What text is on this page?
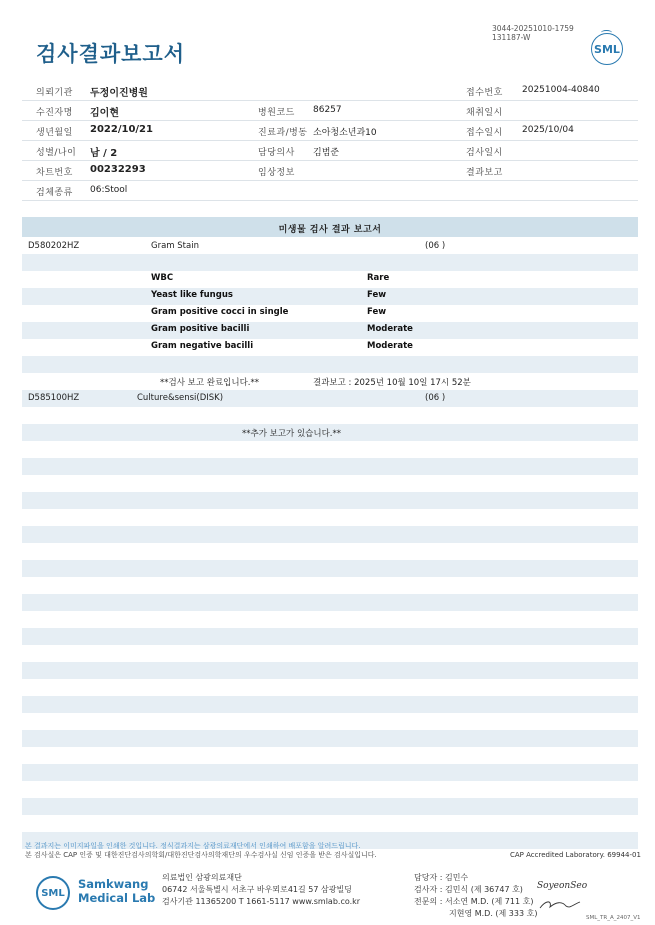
검사결과보고서
3044-20251010-1759
131187-W
SML
의뢰기관 두정이진병원	접수번호 20251004-40840
수진자명 김이현	병원코드 86257	채취일시
생년월일 2022/10/21	진료과/병동 소아청소년과10	접수일시 2025/10/04
성별/나이 남 / 2	담당의사 김범준	검사일시
차트번호 00232293	임상정보	결과보고
검체종류 06:Stool
미생물 검사 결과 보고서
D580202HZ	Gram Stain	(06 )
WBC	Rare
Yeast like fungus	Few
Gram positive cocci in single	Few
Gram positive bacilli	Moderate
Gram negative bacilli	Moderate
**검사 보고 완료입니다.**	결과보고 : 2025년 10월 10일 17시 52분
D585100HZ	Culture&sensi(DISK)	(06 )
**추가 보고가 있습니다.**
본 결과지는 이미지파일을 인쇄한 것입니다. 정식결과지는 삼광의료재단에서 인쇄하여 배포함을 알려드립니다.
본 검사실은 CAP 인증 및 대한진단검사의학회/대한진단검사의학재단의 우수검사실 신임 인증을 받은 검사실입니다.	CAP Accredited Laboratory. 69944-01
SML
Samkwang
Medical Lab
의료법인 삼광의료재단
06742 서울특별시 서초구 바우뫼로41길 57 삼광빌딩
검사기관 11365200 T 1661-5117 www.smlab.co.kr
담당자 : 김민수
검사자 : 김민식 (제 36747 호)
전문의 : 서소연 M.D. (제 711 호)
지현영 M.D. (제 333 호)
SoyeonSeo
SML_TR_A_2407_V1
